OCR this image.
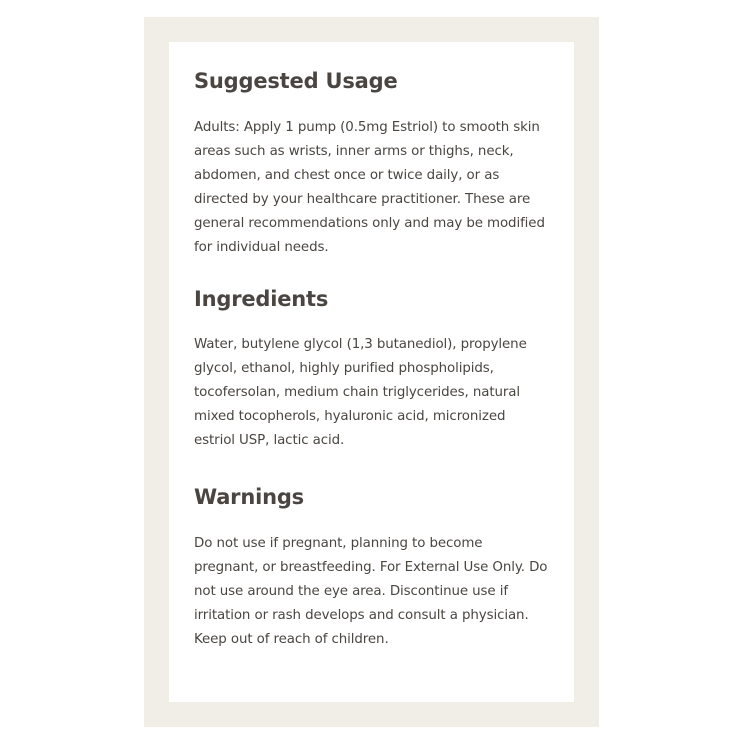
Suggested Usage

Adults: Apply 1 pump (0.5mg Estriol) to smooth skin areas such as wrists, inner arms or thighs, neck, abdomen, and chest once or twice daily, or as directed by your healthcare practitioner. These are general recommendations only and may be modified for individual needs.

Ingredients

Water, butylene glycol (1,3 butanediol), propylene glycol, ethanol, highly purified phospholipids, tocofersolan, medium chain triglycerides, natural mixed tocopherols, hyaluronic acid, micronized estriol USP, lactic acid.

Warnings

Do not use if pregnant, planning to become pregnant, or breastfeeding. For External Use Only. Do not use around the eye area. Discontinue use if irritation or rash develops and consult a physician. Keep out of reach of children.
